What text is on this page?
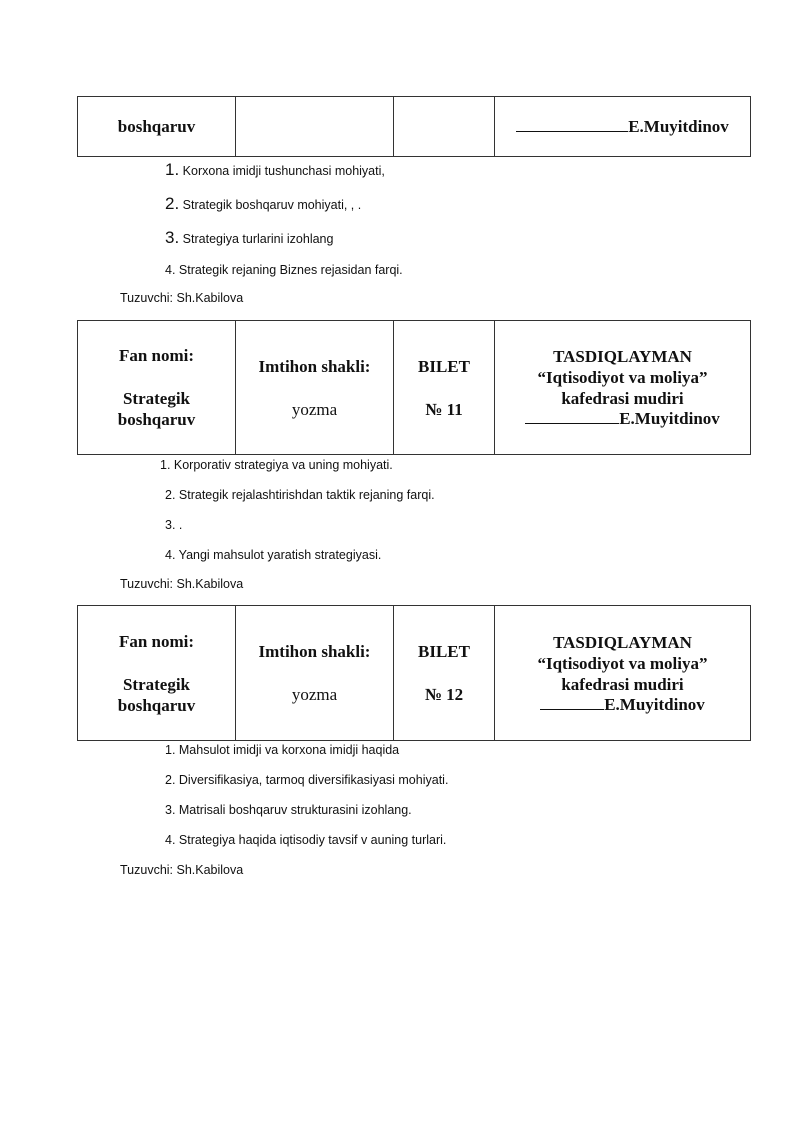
boshqaruv	E.Muyitdinov
1. Korxona imidji tushunchasi mohiyati,
2. Strategik boshqaruv mohiyati, , .
3. Strategiya turlarini izohlang
4. Strategik rejaning Biznes rejasidan farqi.
Tuzuvchi: Sh.Kabilova
Fan nomi:
Strategik
boshqaruv
Imtihon shakli:
yozma
BILET
№ 11
TASDIQLAYMAN
“Iqtisodiyot va moliya”
kafedrasi mudiri
E.Muyitdinov
1. Korporativ strategiya va uning mohiyati.
2. Strategik rejalashtirishdan taktik rejaning farqi.
3. .
4. Yangi mahsulot yaratish strategiyasi.
Tuzuvchi: Sh.Kabilova
Fan nomi:
Strategik
boshqaruv
Imtihon shakli:
yozma
BILET
№ 12
TASDIQLAYMAN
“Iqtisodiyot va moliya”
kafedrasi mudiri
E.Muyitdinov
1. Mahsulot imidji va korxona imidji haqida
2. Diversifikasiya, tarmoq diversifikasiyasi mohiyati.
3. Matrisali boshqaruv strukturasini izohlang.
4. Strategiya haqida iqtisodiy tavsif v auning turlari.
Tuzuvchi: Sh.Kabilova
